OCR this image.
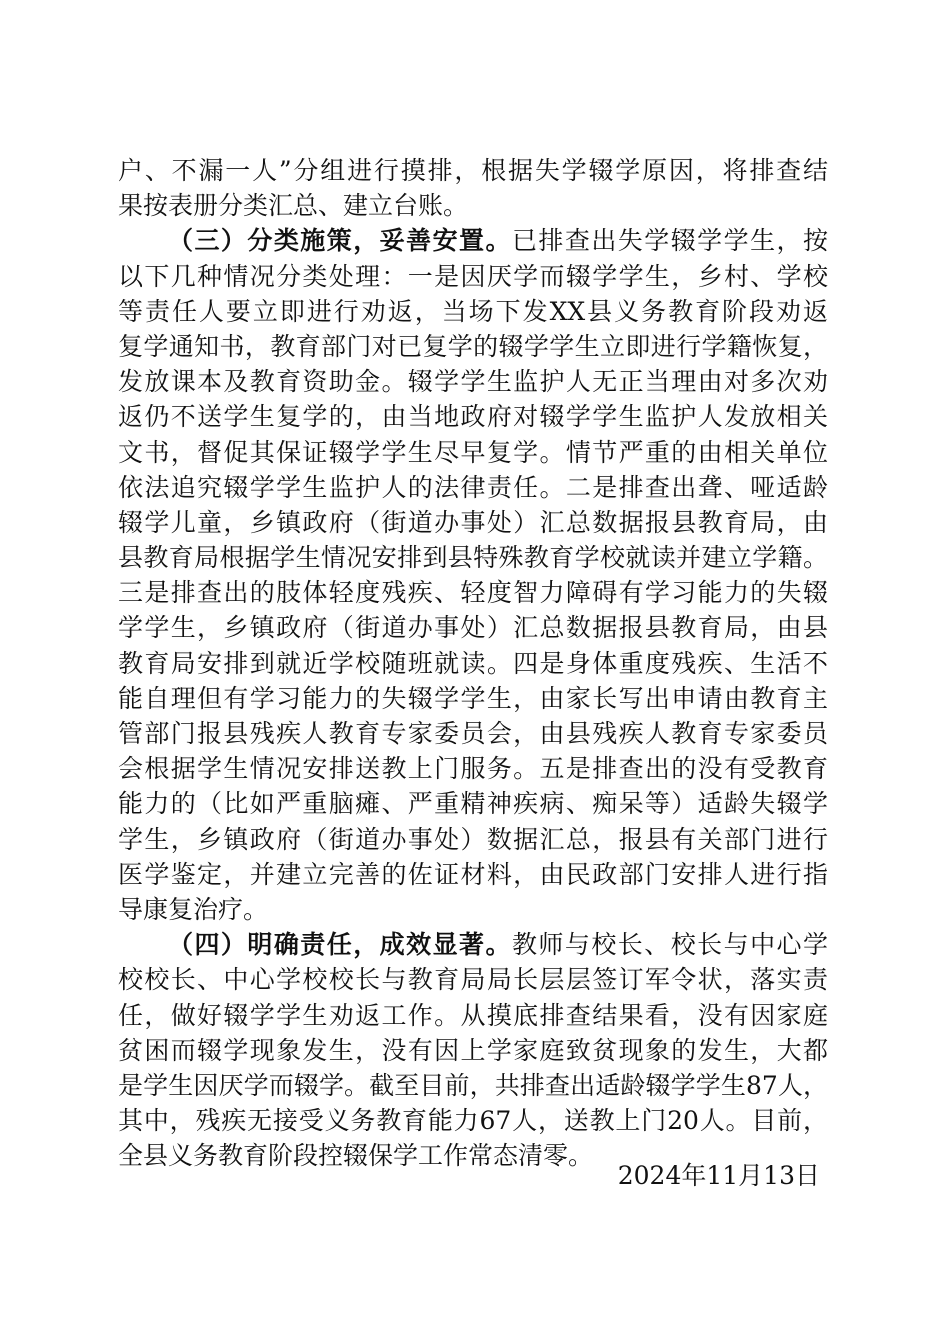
户、不漏一人”分组进行摸排，根据失学辍学原因，将排查结
果按表册分类汇总、建立台账。
（三）分类施策，妥善安置。已排查出失学辍学学生，按
以下几种情况分类处理：一是因厌学而辍学学生，乡村、学校
等责任人要立即进行劝返，当场下发XX县义务教育阶段劝返
复学通知书，教育部门对已复学的辍学学生立即进行学籍恢复，
发放课本及教育资助金。辍学学生监护人无正当理由对多次劝
返仍不送学生复学的，由当地政府对辍学学生监护人发放相关
文书，督促其保证辍学学生尽早复学。情节严重的由相关单位
依法追究辍学学生监护人的法律责任。二是排查出聋、哑适龄
辍学儿童，乡镇政府（街道办事处）汇总数据报县教育局，由
县教育局根据学生情况安排到县特殊教育学校就读并建立学籍。
三是排查出的肢体轻度残疾、轻度智力障碍有学习能力的失辍
学学生，乡镇政府（街道办事处）汇总数据报县教育局，由县
教育局安排到就近学校随班就读。四是身体重度残疾、生活不
能自理但有学习能力的失辍学学生，由家长写出申请由教育主
管部门报县残疾人教育专家委员会，由县残疾人教育专家委员
会根据学生情况安排送教上门服务。五是排查出的没有受教育
能力的（比如严重脑瘫、严重精神疾病、痴呆等）适龄失辍学
学生，乡镇政府（街道办事处）数据汇总，报县有关部门进行
医学鉴定，并建立完善的佐证材料，由民政部门安排人进行指
导康复治疗。
（四）明确责任，成效显著。教师与校长、校长与中心学
校校长、中心学校校长与教育局局长层层签订军令状，落实责
任，做好辍学学生劝返工作。从摸底排查结果看，没有因家庭
贫困而辍学现象发生，没有因上学家庭致贫现象的发生，大都
是学生因厌学而辍学。截至目前，共排查出适龄辍学学生87人，
其中，残疾无接受义务教育能力67人，送教上门20人。目前，
全县义务教育阶段控辍保学工作常态清零。
2024年11月13日
